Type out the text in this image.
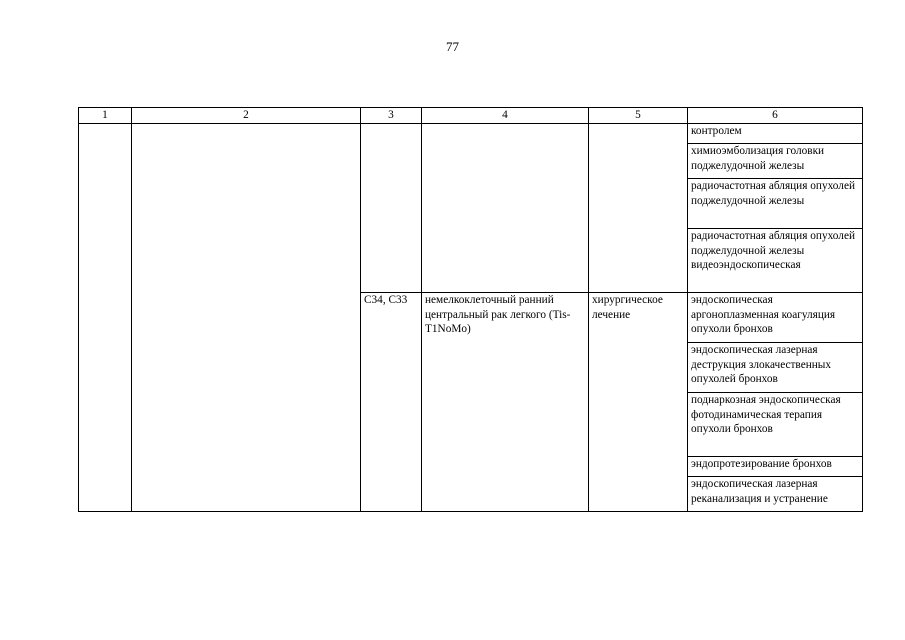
77
1	2	3	4	5	6
					контролем
					химиоэмболизация головки поджелудочной железы
					радиочастотная абляция опухолей поджелудочной железы
					радиочастотная абляция опухолей поджелудочной железы видеоэндоскопическая
		C34, C33	немелкоклеточный ранний центральный рак легкого (Tis-T1NoMo)	хирургическое лечение	эндоскопическая аргоноплазменная коагуляция опухоли бронхов
					эндоскопическая лазерная деструкция злокачественных опухолей бронхов
					поднаркозная эндоскопическая фотодинамическая терапия опухоли бронхов
					эндопротезирование бронхов
					эндоскопическая лазерная реканализация и устранение
